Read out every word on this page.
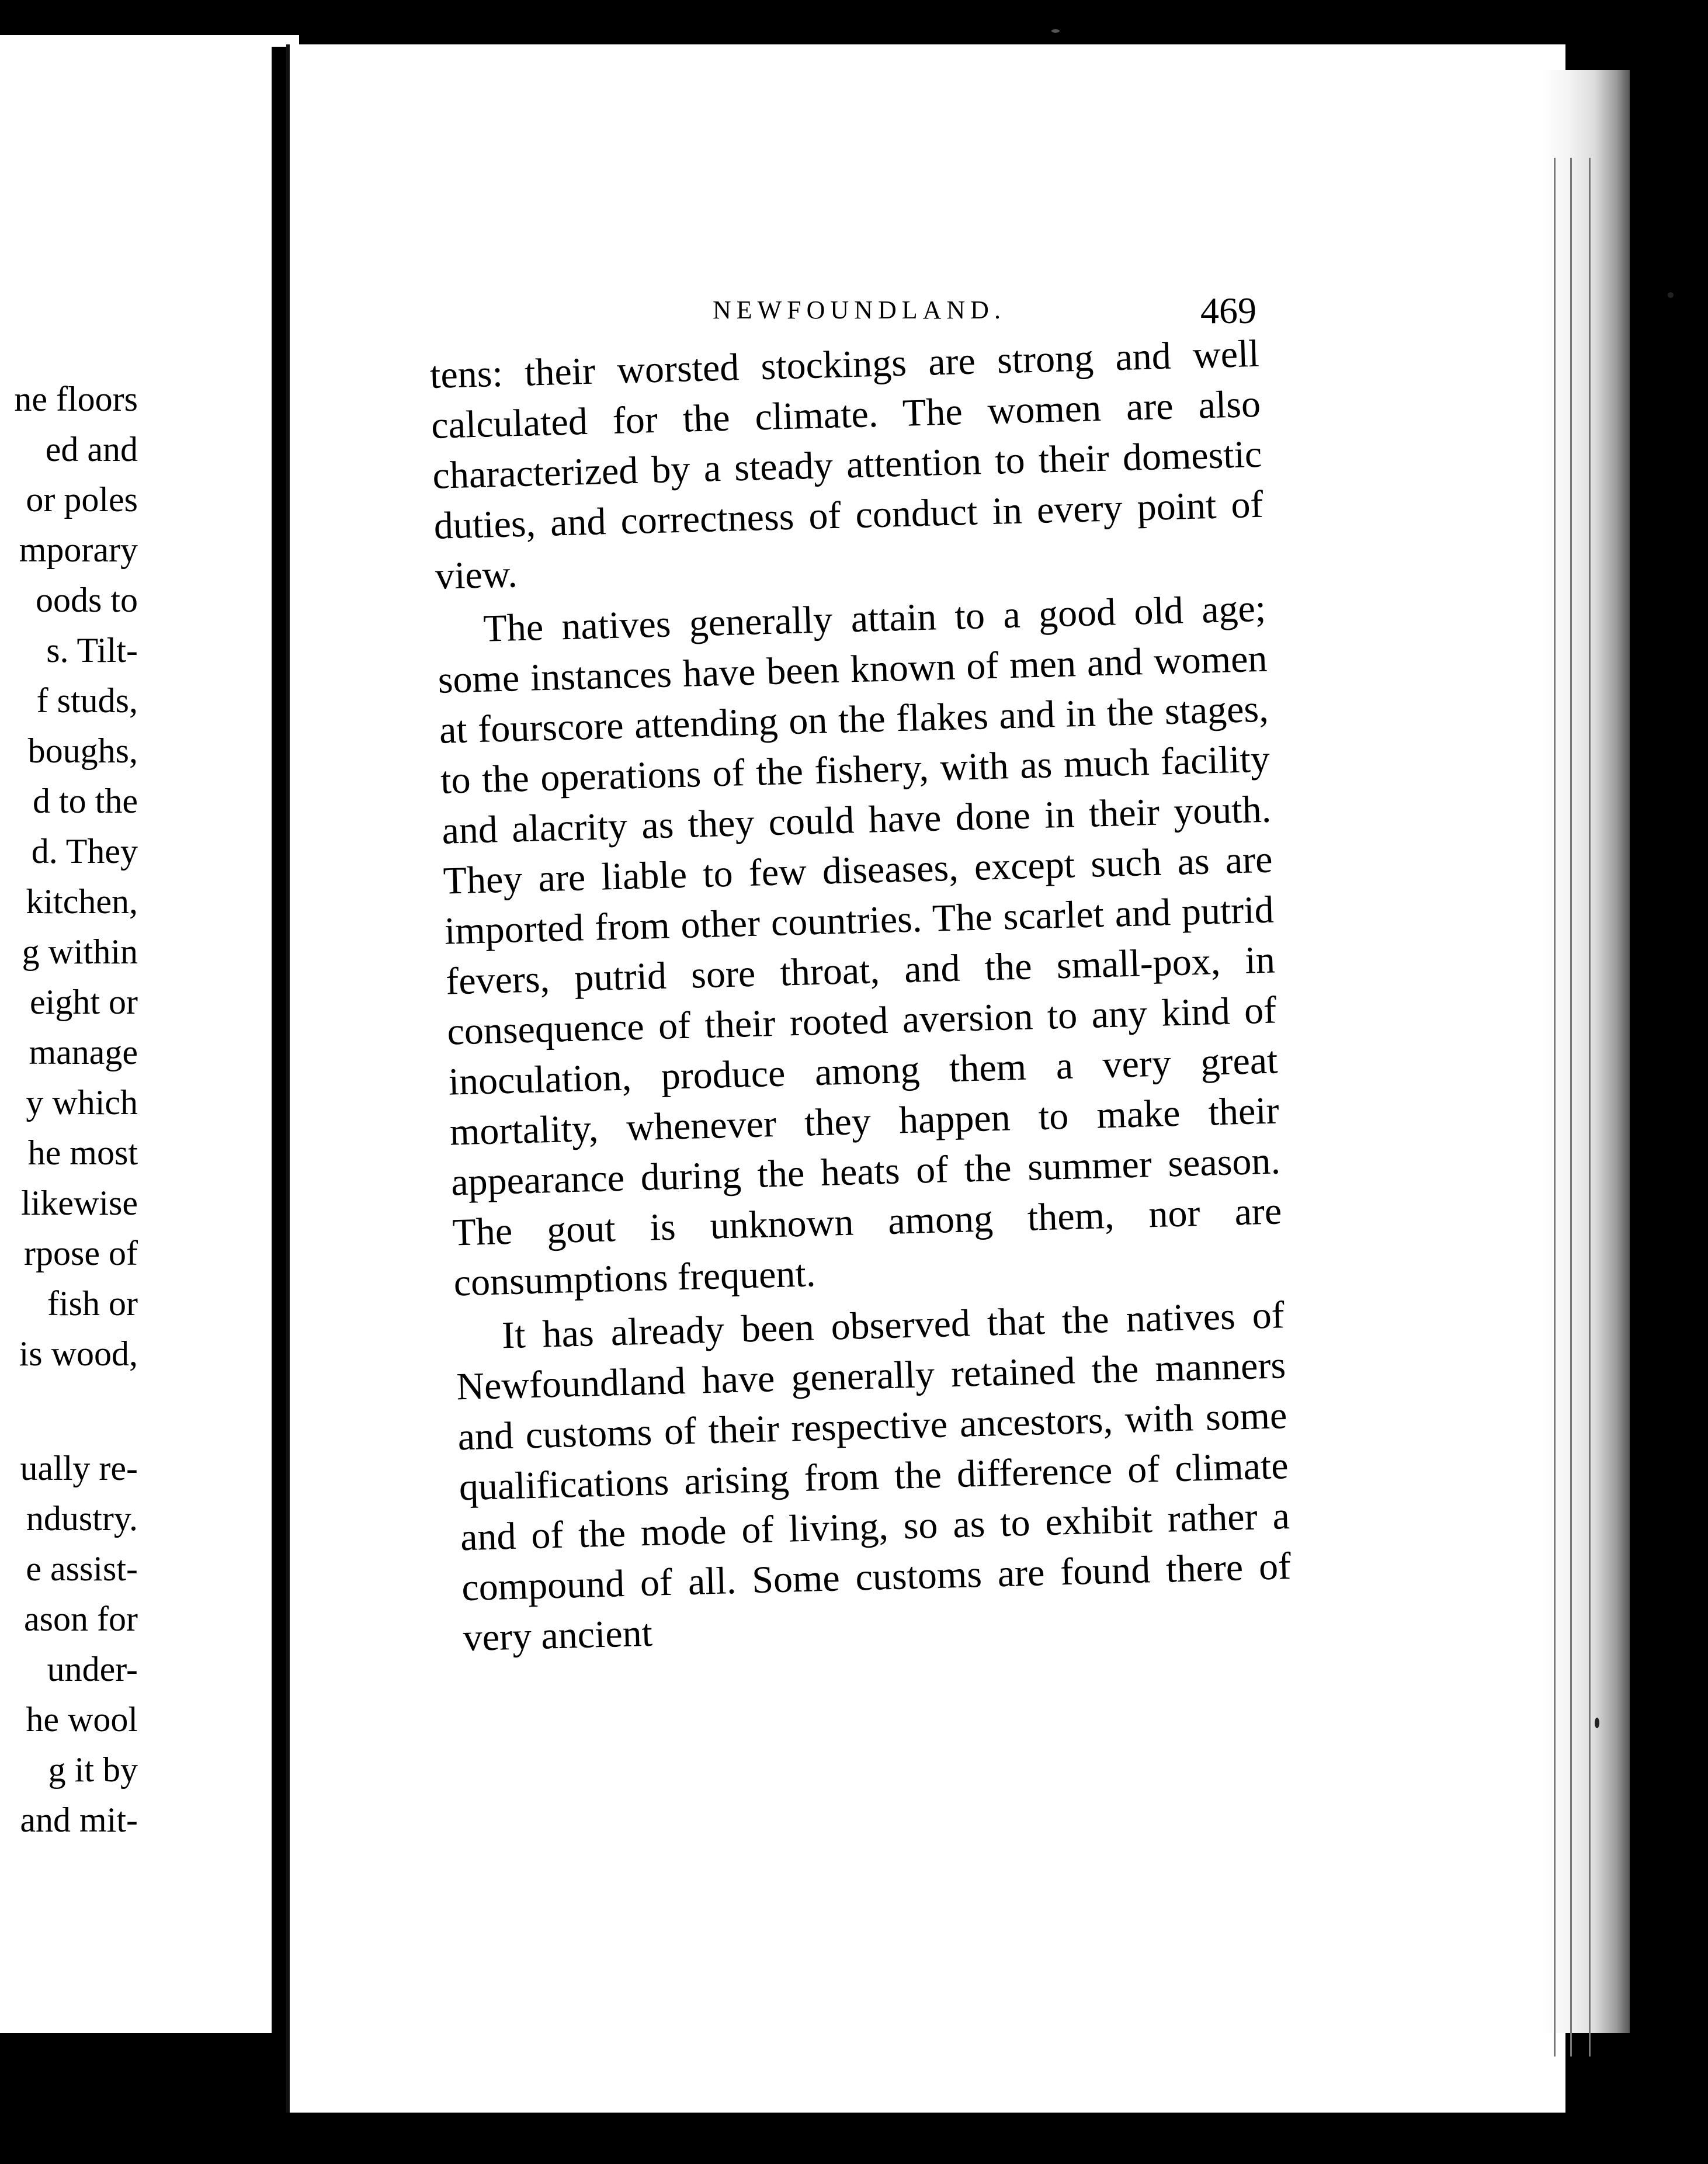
ne floors
ed and
or poles
mporary
oods to
s. Tilt-
f studs,
boughs,
d to the
d. They
kitchen,
g within
eight or
manage
y which
he most
likewise
rpose of
fish or
is wood,
ually re-
ndustry.
e assist-
ason for
under-
he wool
g it by
and mit-
NEWFOUNDLAND.	469

tens: their worsted stockings are strong and well calculated for the climate. The women are also characterized by a steady attention to their domestic duties, and correctness of conduct in every point of view.

The natives generally attain to a good old age; some instances have been known of men and women at fourscore attending on the flakes and in the stages, to the operations of the fishery, with as much facility and alacrity as they could have done in their youth. They are liable to few diseases, except such as are imported from other countries. The scarlet and putrid fevers, putrid sore throat, and the small-pox, in consequence of their rooted aversion to any kind of inoculation, produce among them a very great mortality, whenever they happen to make their appearance during the heats of the summer season. The gout is unknown among them, nor are consumptions frequent.

It has already been observed that the natives of Newfoundland have generally retained the manners and customs of their respective ancestors, with some qualifications arising from the difference of climate and of the mode of living, so as to exhibit rather a compound of all. Some customs are found there of very ancient
